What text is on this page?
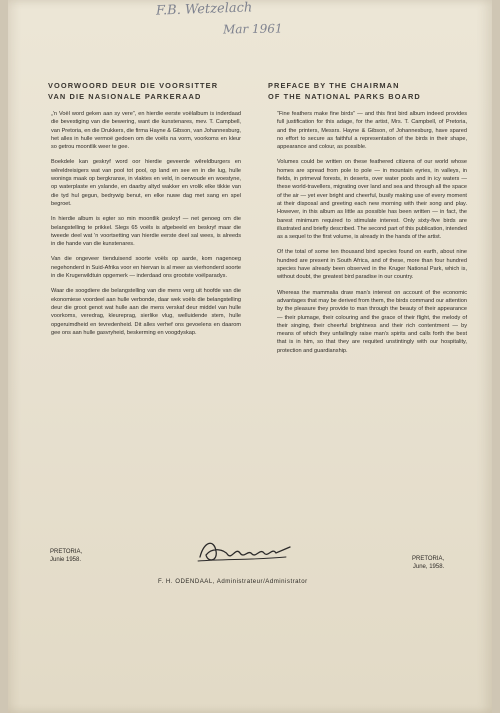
F.B. Wetzelach
Mar 1961
VOORWOORD DEUR DIE VOORSITTER
VAN DIE NASIONALE PARKERAAD
PREFACE BY THE CHAIRMAN
OF THE NATIONAL PARKS BOARD

„'n Voël word geken aan sy vere”, en hierdie eerste voëlalbum is inderdaad die bevestiging van die bewering, want die kunstenares, mev. T. Campbell, van Pretoria, en die Drukkers, die firma Hayne & Gibson, van Johannesburg, het alles in hulle vermoë gedoen om die voëls na vorm, voorkoms en kleur so getrou moontlik weer te gee.

Boekdele kan geskryf word oor hierdie geveerde wêreldburgers en wêreldreisigers wat van pool tot pool, op land en see en in die lug, hulle wonings maak op bergkranse, in vlaktes en veld, in oerwoude en woestyne, op waterplaste en yslande, en daarby altyd wakker en vrolik elke tikkie van die tyd hul gegun, bedrywig benut, en elke nuwe dag met sang en spel begroet.

In hierdie album is egter so min moontlik geskryf — net genoeg om die belangstelling te prikkel. Slegs 65 voëls is afgebeeld en beskryf maar die tweede deel wat 'n voortsetting van hierdie eerste deel sal wees, is alreeds in die hande van die kunstenares.

Van die ongeveer tienduisend soorte voëls op aarde, kom nagenoeg negehonderd in Suid-Afrika voor en hiervan is al meer as vierhonderd soorte in die Krugerwildtuin opgemerk — inderdaad ons grootste voëlparadys.

Waar die soogdiere die belangstelling van die mens verg uit hoofde van die ekonomiese voordeel aan hulle verbonde, daar wek voëls die belangstelling deur die groot genot wat hulle aan die mens verskaf deur middel van hulle voorkoms, veredrag, kleureprag, sierlike vlug, welluidende stem, hulle opgeruimdheid en tevredenheid. Dit alles verhef ons gevoelens en daarom gee ons aan hulle gasvryheid, beskerming en voogdyskap.

“Fine feathers make fine birds” — and this first bird album indeed provides full justification for this adage, for the artist, Mrs. T. Campbell, of Pretoria, and the printers, Messrs. Hayne & Gibson, of Johannesburg, have spared no effort to secure as faithful a representation of the birds in their shape, appearance and colour, as possible.

Volumes could be written on these feathered citizens of our world whose homes are spread from pole to pole — in mountain eyries, in valleys, in fields, in primeval forests, in deserts, over water pools and in icy waters — these world-travellers, migrating over land and sea and through all the space of the air — yet ever bright and cheerful, busily making use of every moment at their disposal and greeting each new morning with their song and play. However, in this album as little as possible has been written — in fact, the barest minimum required to stimulate interest. Only sixty-five birds are illustrated and briefly described. The second part of this publication, intended as a sequel to the first volume, is already in the hands of the artist.

Of the total of some ten thousand bird species found on earth, about nine hundred are present in South Africa, and of these, more than four hundred species have already been observed in the Kruger National Park, which is, without doubt, the greatest bird paradise in our country.

Whereas the mammalia draw man's interest on account of the economic advantages that may be derived from them, the birds command our attention by the pleasure they provide to man through the beauty of their appearance — their plumage, their colouring and the grace of their flight, the melody of their singing, their cheerful brightness and their rich contentment — by means of which they unfailingly raise man's spirits and calls forth the best that is in him, so that they are requited unstintingly with our hospitality, protection and guardianship.

PRETORIA,
Junie 1958.	PRETORIA,
June, 1958.
F. H. ODENDAAL, Administrateur/Administrator
